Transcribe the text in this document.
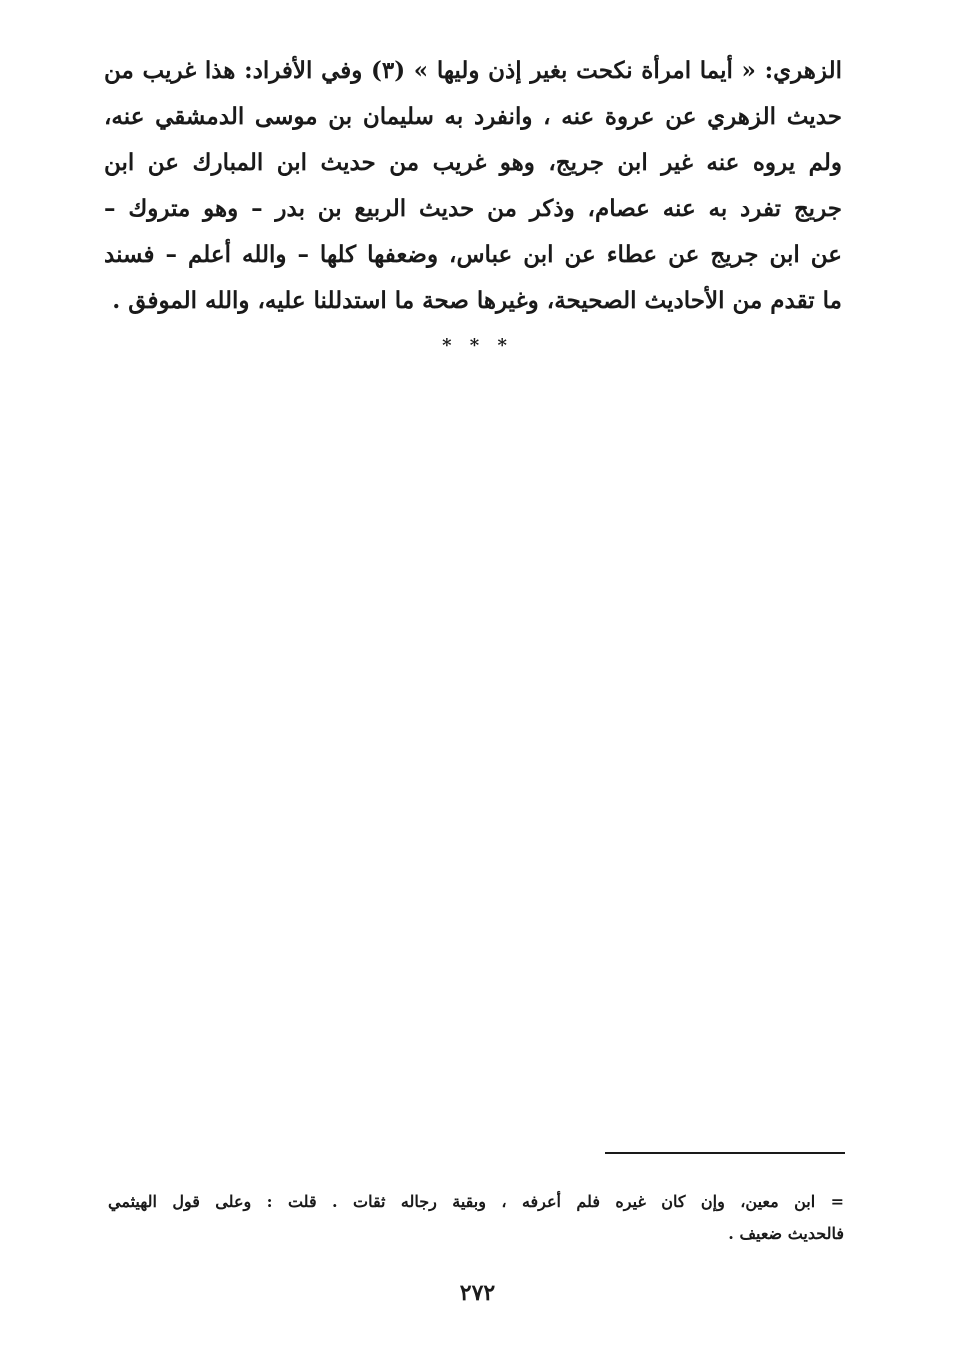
الزهري: « أيما امرأة نكحت بغير إذن وليها » (٣) وفي الأفراد: هذا غريب من
حديث الزهري عن عروة عنه ، وانفرد به سليمان بن موسى الدمشقي عنه،
ولم يروه عنه غير ابن جريج، وهو غريب من حديث ابن المبارك عن ابن
جريج تفرد به عنه عصام، وذكر من حديث الربيع بن بدر – وهو متروك –
عن ابن جريج عن عطاء عن ابن عباس، وضعفها كلها – والله أعلم – فسند
ما تقدم من الأحاديث الصحيحة، وغيرها صحة ما استدللنا عليه، والله الموفق .
* * *
= ابن معين، وإن كان غيره فلم أعرفه ، وبقية رجاله ثقات . قلت : وعلى قول الهيثمي
فالحديث ضعيف .
٢٧٢
